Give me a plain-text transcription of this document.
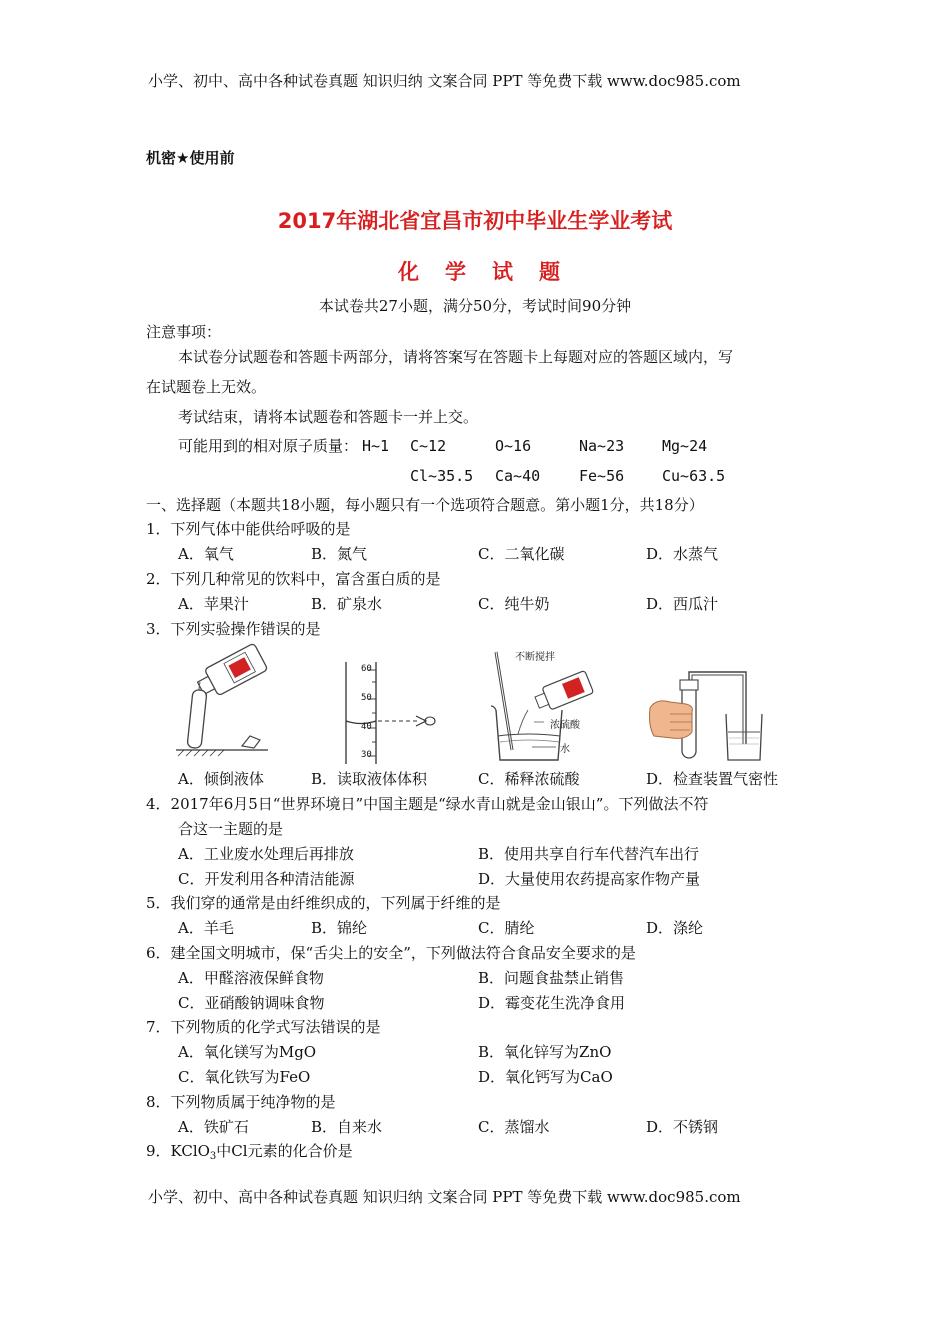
小学、初中、高中各种试卷真题 知识归纳 文案合同 PPT 等免费下载 www.doc985.com
小学、初中、高中各种试卷真题 知识归纳 文案合同 PPT 等免费下载 www.doc985.com
机密★使用前
2017年湖北省宜昌市初中毕业生学业考试
化学试题
本试卷共27小题，满分50分，考试时间90分钟
注意事项：
本试卷分试题卷和答题卡两部分，请将答案写在答题卡上每题对应的答题区域内，写
在试题卷上无效。
考试结束，请将本试题卷和答题卡一并上交。
可能用到的相对原子质量： H~1 C~12	O~16	Na~23	Mg~24
Cl~35.5 Ca~40	Fe~56	Cu~63.5
一、选择题（本题共18小题，每小题只有一个选项符合题意。第小题1分，共18分）
1．下列气体中能供给呼吸的是
A．氧气	B．氮气	C．二氧化碳	D．水蒸气
2．下列几种常见的饮料中，富含蛋白质的是
A．苹果汁	B．矿泉水	C．纯牛奶	D．西瓜汁
3．下列实验操作错误的是
60
50
40
30
不断搅拌
浓硫酸
水
A．倾倒液体	B．读取液体体积	C．稀释浓硫酸	D．检查装置气密性
4．2017年6月5日“世界环境日”中国主题是“绿水青山就是金山银山”。下列做法不符
合这一主题的是
A．工业废水处理后再排放	B．使用共享自行车代替汽车出行
C．开发利用各种清洁能源	D．大量使用农药提高家作物产量
5．我们穿的通常是由纤维织成的，下列属于纤维的是
A．羊毛	B．锦纶	C．腈纶	D．涤纶
6．建全国文明城市，保“舌尖上的安全”，下列做法符合食品安全要求的是
A．甲醛溶液保鲜食物	B．问题食盐禁止销售
C．亚硝酸钠调味食物	D．霉变花生洗净食用
7．下列物质的化学式写法错误的是
A．氧化镁写为MgO	B．氧化锌写为ZnO
C．氧化铁写为FeO	D．氧化钙写为CaO
8．下列物质属于纯净物的是
A．铁矿石	B．自来水	C．蒸馏水	D．不锈钢
9．KClO$_3$中Cl元素的化合价是
